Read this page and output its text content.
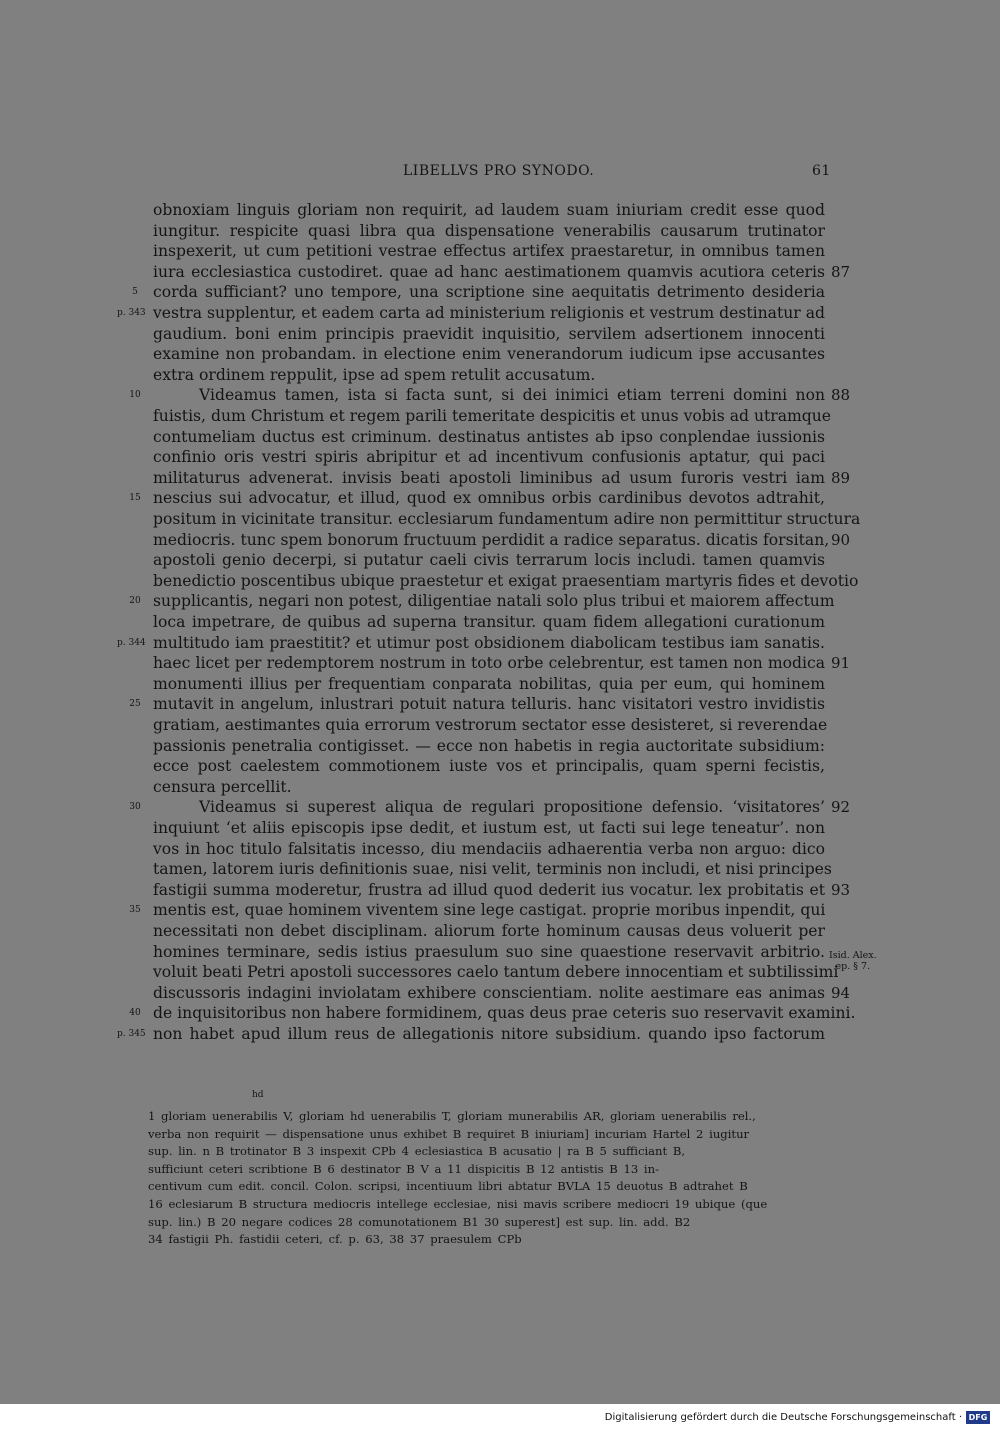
LIBELLVS PRO SYNODO.	61
obnoxiam linguis gloriam non requirit, ad laudem suam iniuriam credit esse quod
iungitur. respicite quasi libra qua dispensatione venerabilis causarum trutinator
inspexerit, ut cum petitioni vestrae effectus artifex praestaretur, in omnibus tamen
iura ecclesiastica custodiret. quae ad hanc aestimationem quamvis acutiora ceteris 87
corda sufficiant? uno tempore, una scriptione sine aequitatis detrimento desideria
5
vestra supplentur, et eadem carta ad ministerium religionis et vestrum destinatur ad
p. 343
gaudium. boni enim principis praevidit inquisitio, servilem adsertionem innocenti
examine non probandam. in electione enim venerandorum iudicum ipse accusantes
extra ordinem reppulit, ipse ad spem retulit accusatum.
Videamus tamen, ista si facta sunt, si dei inimici etiam terreni domini non
10	88
fuistis, dum Christum et regem parili temeritate despicitis et unus vobis ad utramque
contumeliam ductus est criminum. destinatus antistes ab ipso conplendae iussionis
confinio oris vestri spiris abripitur et ad incentivum confusionis aptatur, qui paci
militaturus advenerat. invisis beati apostoli liminibus ad usum furoris vestri iam 89
nescius sui advocatur, et illud, quod ex omnibus orbis cardinibus devotos adtrahit,
15
positum in vicinitate transitur. ecclesiarum fundamentum adire non permittitur structura
mediocris. tunc spem bonorum fructuum perdidit a radice separatus. dicatis forsitan, 90
apostoli genio decerpi, si putatur caeli civis terrarum locis includi. tamen quamvis
benedictio poscentibus ubique praestetur et exigat praesentiam martyris fides et devotio
supplicantis, negari non potest, diligentiae natali solo plus tribui et maiorem affectum
20
loca impetrare, de quibus ad superna transitur. quam fidem allegationi curationum
multitudo iam praestitit? et utimur post obsidionem diabolicam testibus iam sanatis.
p. 344
haec licet per redemptorem nostrum in toto orbe celebrentur, est tamen non modica 91
monumenti illius per frequentiam conparata nobilitas, quia per eum, qui hominem
mutavit in angelum, inlustrari potuit natura telluris. hanc visitatori vestro invidistis
25
gratiam, aestimantes quia errorum vestrorum sectator esse desisteret, si reverendae
passionis penetralia contigisset. — ecce non habetis in regia auctoritate subsidium:
ecce post caelestem commotionem iuste vos et principalis, quam sperni fecistis,
censura percellit.
Videamus si superest aliqua de regulari propositione defensio. ‘visitatores’
30	92
inquiunt ‘et aliis episcopis ipse dedit, et iustum est, ut facti sui lege teneatur’. non
vos in hoc titulo falsitatis incesso, diu mendaciis adhaerentia verba non arguo: dico
tamen, latorem iuris definitionis suae, nisi velit, terminis non includi, et nisi principes
fastigii summa moderetur, frustra ad illud quod dederit ius vocatur. lex probitatis et 93
mentis est, quae hominem viventem sine lege castigat. proprie moribus inpendit, qui
35
necessitati non debet disciplinam. aliorum forte hominum causas deus voluerit per
homines terminare, sedis istius praesulum suo sine quaestione reservavit arbitrio.
voluit beati Petri apostoli successores caelo tantum debere innocentiam et subtilissimi
discussoris indagini inviolatam exhibere conscientiam. nolite aestimare eas animas 94
de inquisitoribus non habere formidinem, quas deus prae ceteris suo reservavit examini.
40
non habet apud illum reus de allegationis nitore subsidium. quando ipso factorum
p. 345
Isid. Alex.
ep. § 7.
hd
1 gloriam uenerabilis V, gloriam hd uenerabilis T, gloriam munerabilis AR, gloriam uenerabilis rel.,
verba non requirit — dispensatione unus exhibet B requiret B iniuriam] incuriam Hartel 2 iugitur
sup. lin. n B trotinator B 3 inspexit CPb 4 eclesiastica B acusatio | ra B 5 sufficiant B,
sufficiunt ceteri scribtione B 6 destinator B V a 11 dispicitis B 12 antistis B 13 in-
centivum cum edit. concil. Colon. scripsi, incentiuum libri abtatur BVLA 15 deuotus B adtrahet B
16 eclesiarum B structura mediocris intellege ecclesiae, nisi mavis scribere mediocri 19 ubique (que
sup. lin.) B 20 negare codices 28 comunotationem B1 30 superest] est sup. lin. add. B2
34 fastigii Ph. fastidii ceteri, cf. p. 63, 38 37 praesulem CPb
Digitalisierung gefördert durch die Deutsche Forschungsgemeinschaft · DFG
